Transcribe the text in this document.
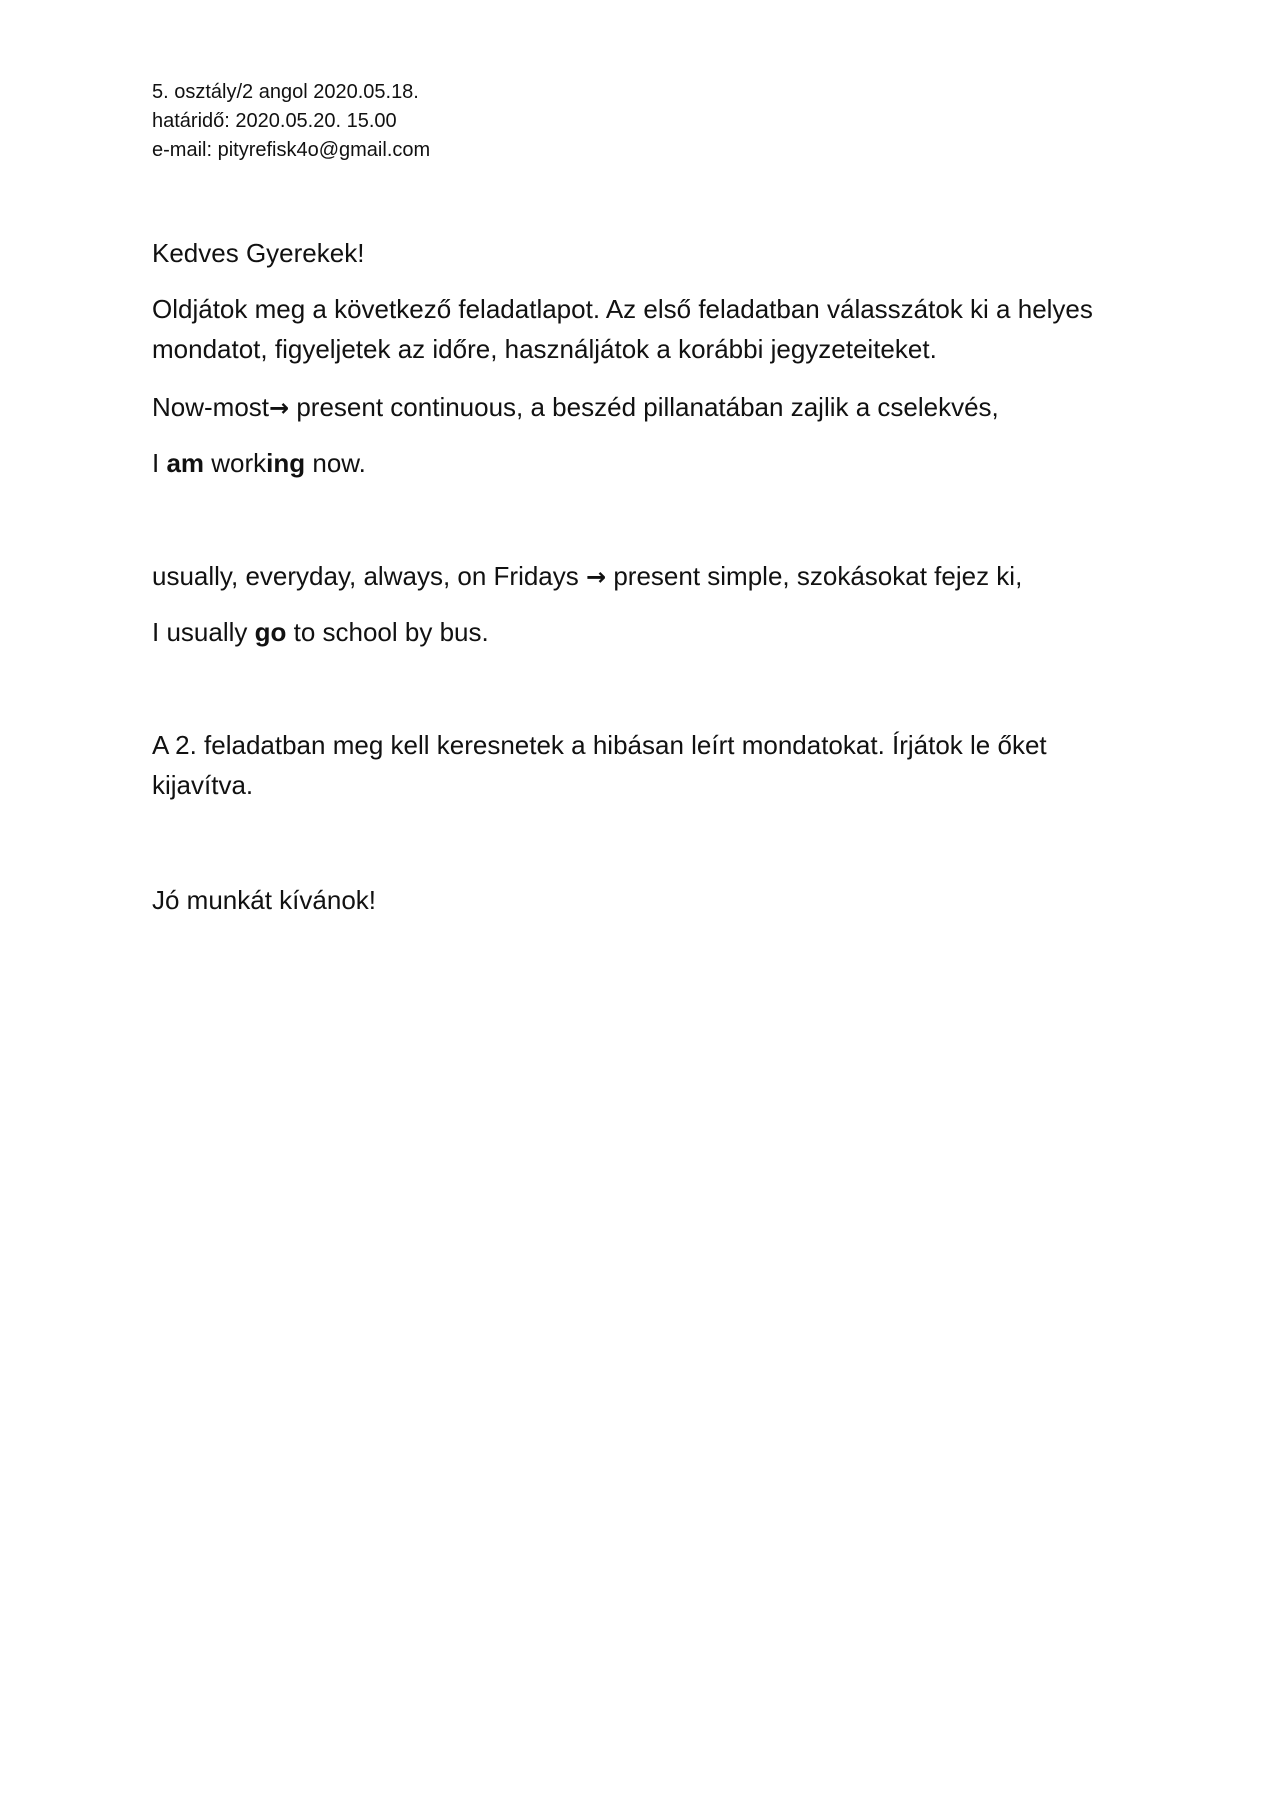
5. osztály/2 angol 2020.05.18.
határidő: 2020.05.20. 15.00
e-mail: pityrefisk4o@gmail.com

Kedves Gyerekek!

Oldjátok meg a következő feladatlapot. Az első feladatban válasszátok ki a helyes mondatot, figyeljetek az időre, használjátok a korábbi jegyzeteiteket.

Now-most→ present continuous, a beszéd pillanatában zajlik a cselekvés,

I am working now.

usually, everyday, always, on Fridays → present simple, szokásokat fejez ki,

I usually go to school by bus.

A 2. feladatban meg kell keresnetek a hibásan leírt mondatokat. Írjátok le őket kijavítva.

Jó munkát kívánok!
